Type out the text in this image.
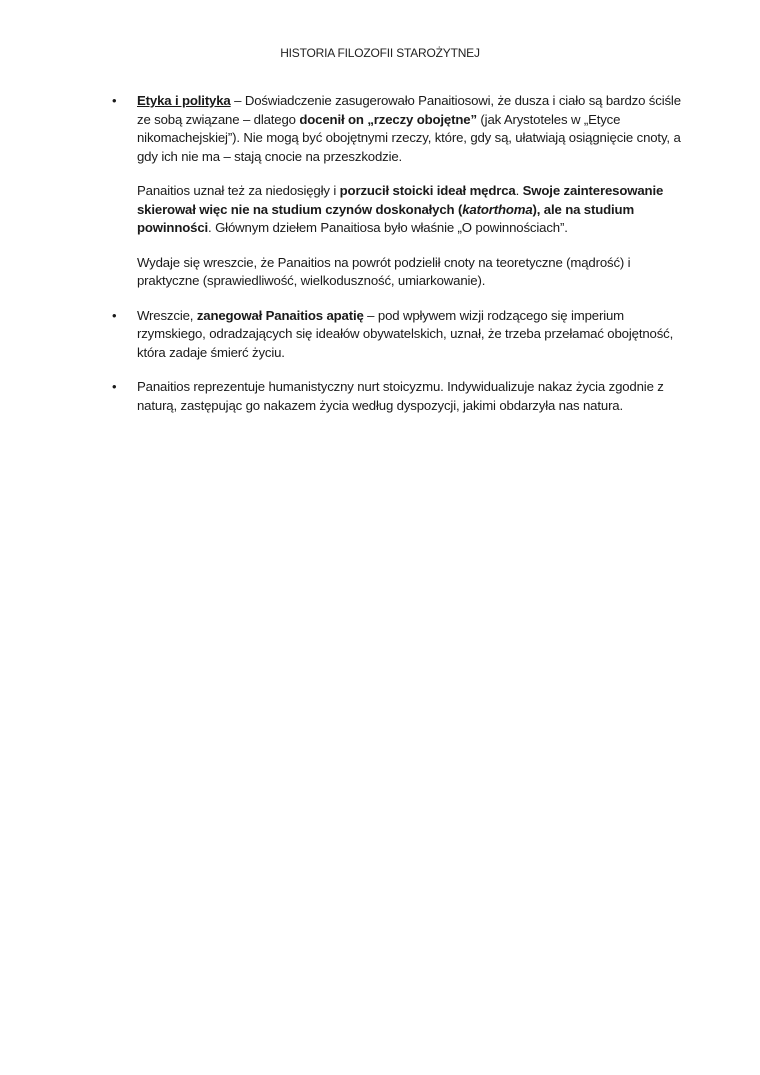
HISTORIA FILOZOFII STAROŻYTNEJ
• Etyka i polityka – Doświadczenie zasugerowało Panaitiosowi, że dusza i ciało są bardzo ściśle ze sobą związane – dlatego docenił on „rzeczy obojętne” (jak Arystoteles w „Etyce nikomachejskiej”). Nie mogą być obojętnymi rzeczy, które, gdy są, ułatwiają osiągnięcie cnoty, a gdy ich nie ma – stają cnocie na przeszkodzie.

Panaitios uznał też za niedosięgły i porzucił stoicki ideał mędrca. Swoje zainteresowanie skierował więc nie na studium czynów doskonałych (katorthoma), ale na studium powinności. Głównym dziełem Panaitiosa było właśnie „O powinnościach”.

Wydaje się wreszcie, że Panaitios na powrót podzielił cnoty na teoretyczne (mądrość) i praktyczne (sprawiedliwość, wielkoduszność, umiarkowanie).

• Wreszcie, zanegował Panaitios apatię – pod wpływem wizji rodzącego się imperium rzymskiego, odradzających się ideałów obywatelskich, uznał, że trzeba przełamać obojętność, która zadaje śmierć życiu.

• Panaitios reprezentuje humanistyczny nurt stoicyzmu. Indywidualizuje nakaz życia zgodnie z naturą, zastępując go nakazem życia według dyspozycji, jakimi obdarzyła nas natura.
